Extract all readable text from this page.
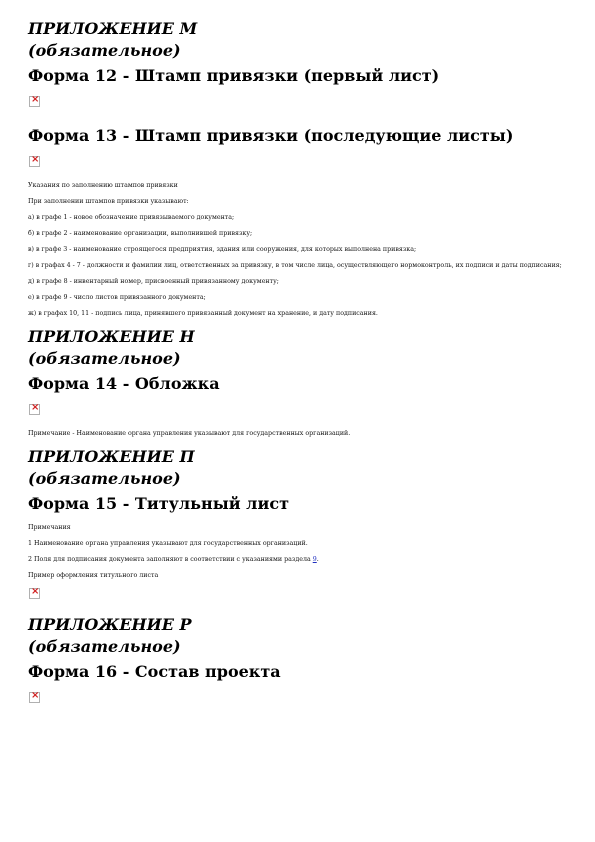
ПРИЛОЖЕНИЕ М

(обязательное)

Форма 12 - Штамп привязки (первый лист)

×

Форма 13 - Штамп привязки (последующие листы)

×

Указания по заполнению штампов привязки

При заполнении штампов привязки указывают:

а) в графе 1 - новое обозначение привязываемого документа;

б) в графе 2 - наименование организации, выполнившей привязку;

в) в графе 3 - наименование строящегося предприятия, здания или сооружения, для которых выполнена привязка;

г) в графах 4 - 7 - должности и фамилии лиц, ответственных за привязку, в том числе лица, осуществляющего нормоконтроль, их подписи и даты подписания;

д) в графе 8 - инвентарный номер, присвоенный привязанному документу;

е) в графе 9 - число листов привязанного документа;

ж) в графах 10, 11 - подпись лица, принявшего привязанный документ на хранение, и дату подписания.

ПРИЛОЖЕНИЕ Н

(обязательное)

Форма 14 - Обложка

×

Примечание - Наименование органа управления указывают для государственных организаций.

ПРИЛОЖЕНИЕ П

(обязательное)

Форма 15 - Титульный лист

Примечания

1 Наименование органа управления указывают для государственных организаций.

2 Поля для подписания документа заполняют в соответствии с указаниями раздела 9.

Пример оформления титульного листа

×

ПРИЛОЖЕНИЕ Р

(обязательное)

Форма 16 - Состав проекта

×
